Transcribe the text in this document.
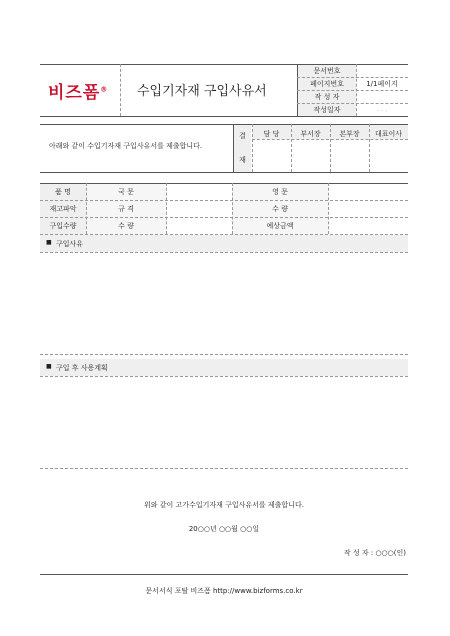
비즈폼® 수입기자재 구입사유서
문서번호
페이지번호	1/1페이지
작 성 자
작성일자	. . .
아래와 같이 수입기자재 구입사유서를 제출합니다.
결
재
담 당	부서장	본부장	대표이사
품 명	국 문	영 문
재고파악	규 격	수 량
구입수량	수 량	예상금액
■ 구입사유
■ 구입 후 사용계획
위와 같이 고가수입기자재 구입사유서를 제출합니다.
20○○년 ○○월 ○○일
작 성 자 : ○○○(인)
문서서식 포탈 비즈폼 http://www.bizforms.co.kr
